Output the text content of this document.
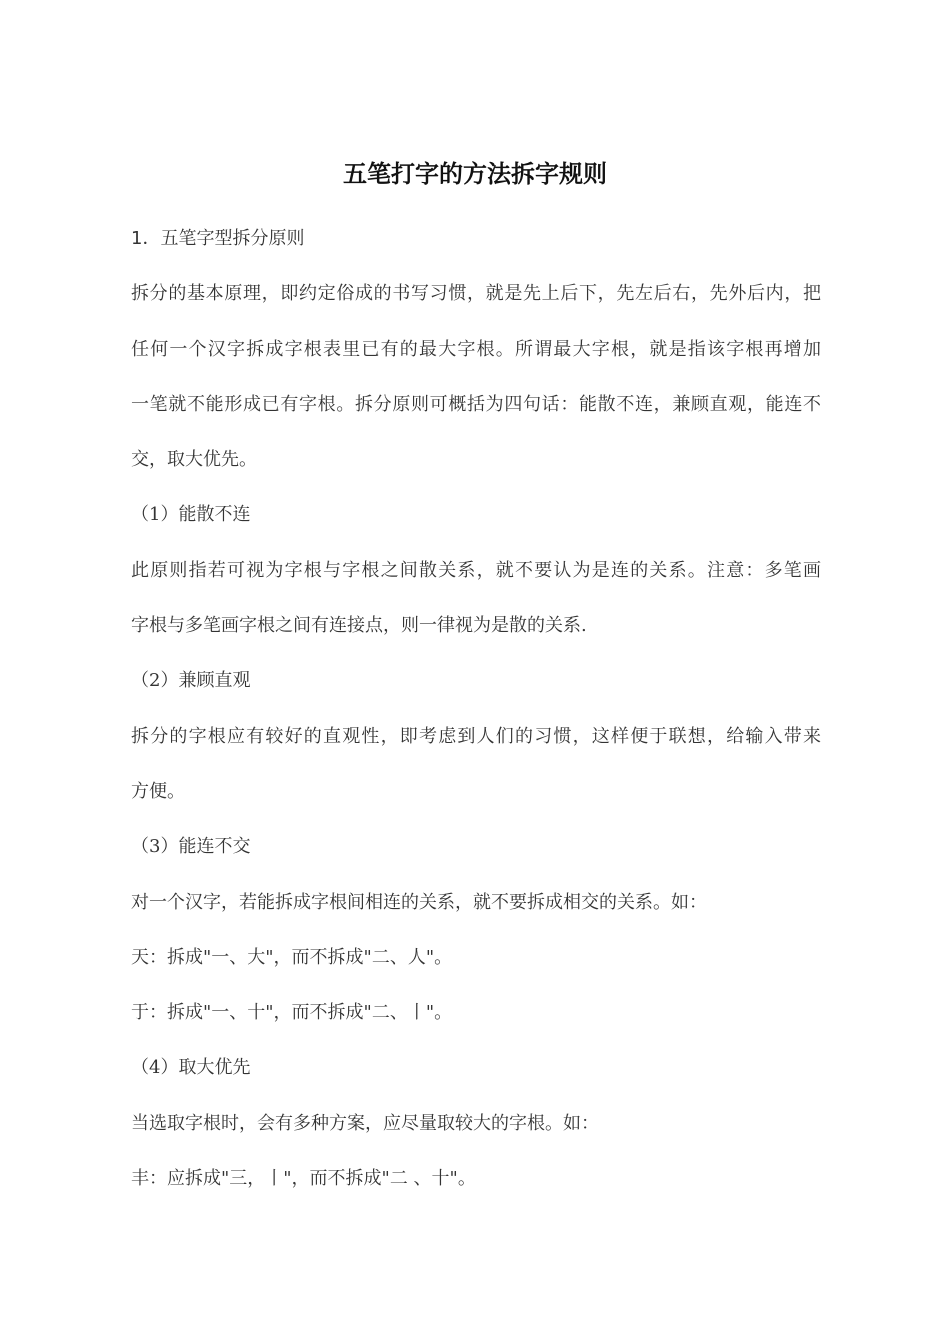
五笔打字的方法拆字规则

1．五笔字型拆分原则

拆分的基本原理，即约定俗成的书写习惯，就是先上后下，先左后右，先外后内，把

任何一个汉字拆成字根表里已有的最大字根。所谓最大字根，就是指该字根再增加

一笔就不能形成已有字根。拆分原则可概括为四句话：能散不连，兼顾直观，能连不

交，取大优先。

（1）能散不连

此原则指若可视为字根与字根之间散关系，就不要认为是连的关系。注意：多笔画

字根与多笔画字根之间有连接点，则一律视为是散的关系.

（2）兼顾直观

拆分的字根应有较好的直观性，即考虑到人们的习惯，这样便于联想，给输入带来

方便。

（3）能连不交

对一个汉字，若能拆成字根间相连的关系，就不要拆成相交的关系。如：

天：拆成"一、大"，而不拆成"二、人"。

于：拆成"一、十"，而不拆成"二、丨"。

（4）取大优先

当选取字根时，会有多种方案，应尽量取较大的字根。如：

丰：应拆成"三，丨"，而不拆成"二 、十"。
